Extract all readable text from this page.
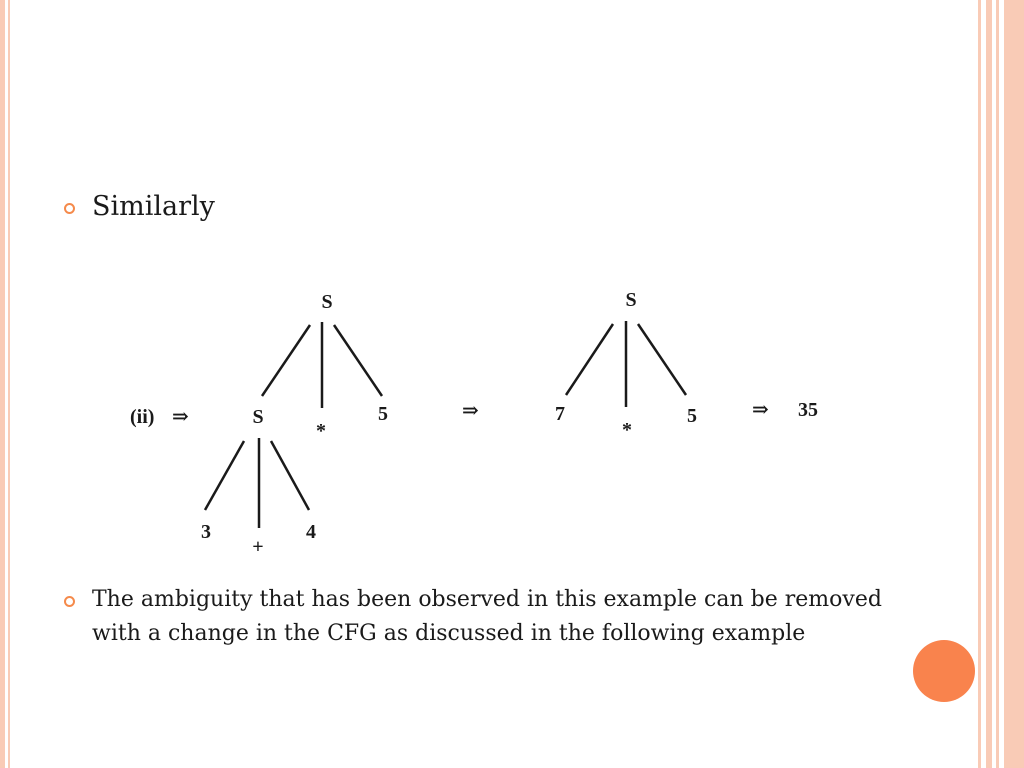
Similarly
(ii) ⇒
S
S
*
5
3
+
4
⇒
S
7
*
5	⇒ 35
The ambiguity that has been observed in this example can be removed with a change in the CFG as discussed in the following example
